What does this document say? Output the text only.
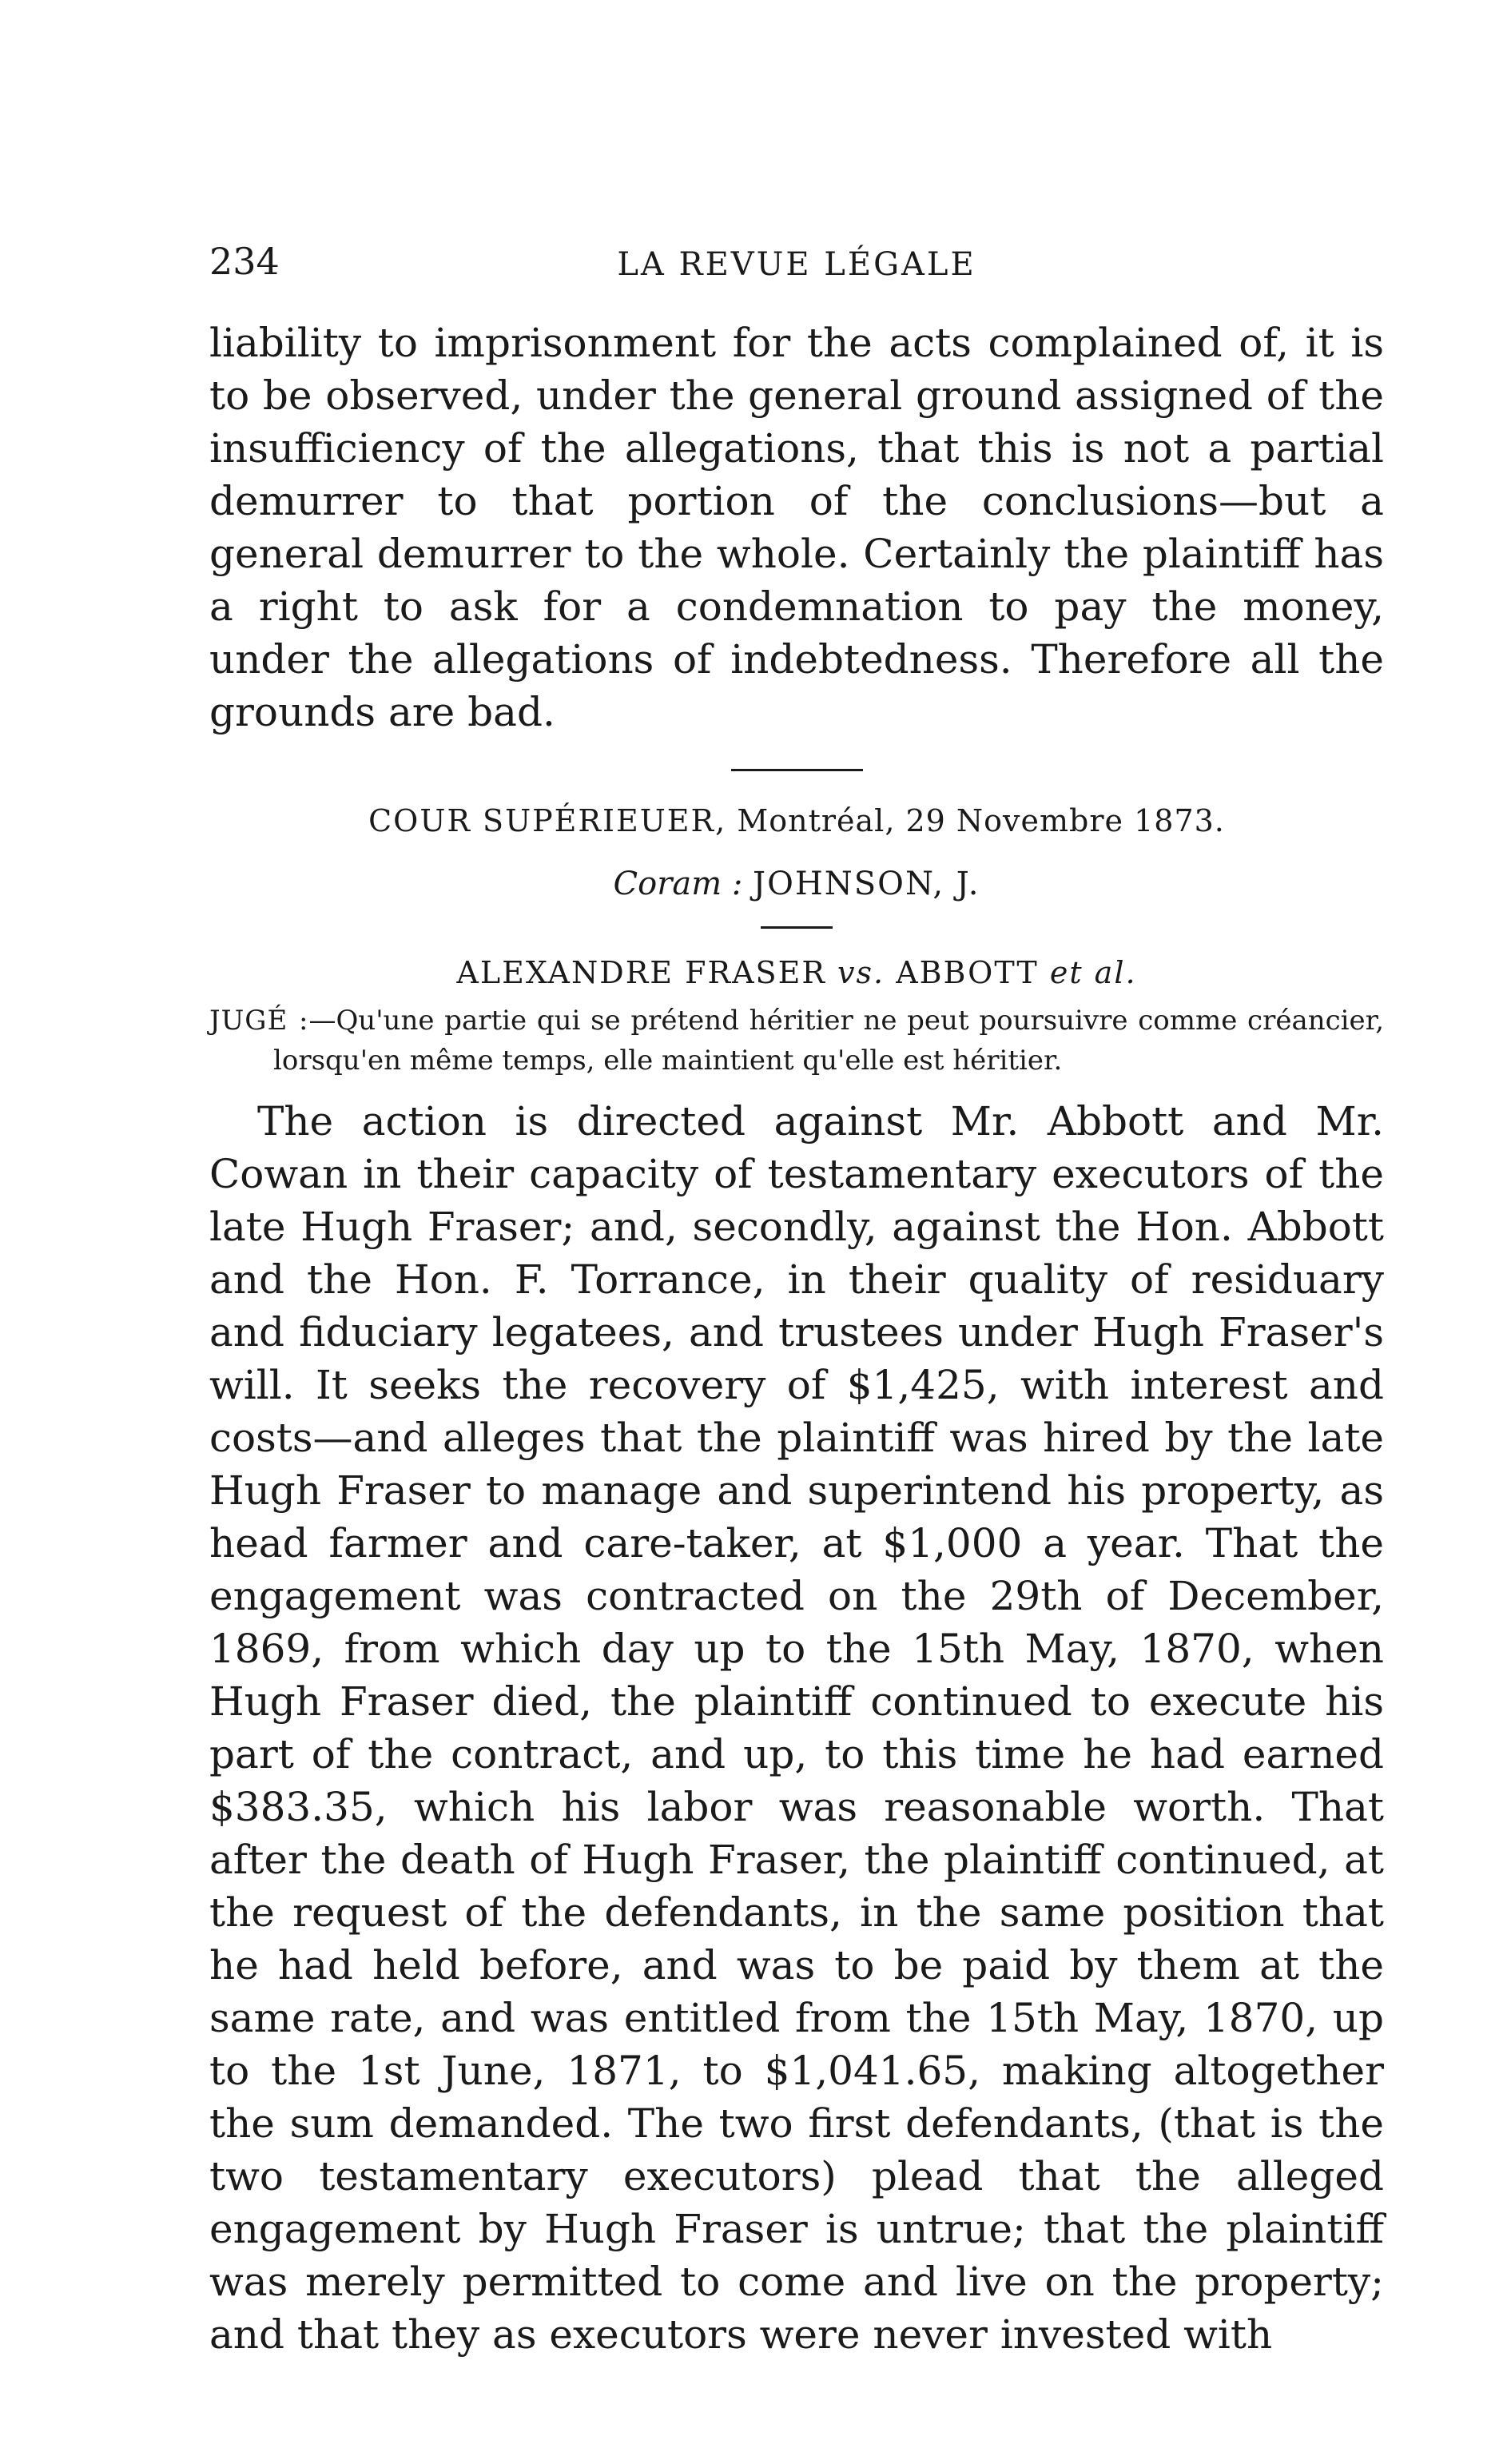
234	LA REVUE LÉGALE

liability to imprisonment for the acts complained of, it is to be observed, under the general ground assigned of the insufficiency of the allegations, that this is not a partial demurrer to that portion of the conclusions—but a general demurrer to the whole. Certainly the plaintiff has a right to ask for a condemnation to pay the money, under the allegations of indebtedness. Therefore all the grounds are bad.

COUR SUPÉRIEUER, Montréal, 29 Novembre 1873.
Coram : JOHNSON, J.
ALEXANDRE FRASER vs. ABBOTT et al.
JUGÉ :—Qu'une partie qui se prétend héritier ne peut poursuivre comme créancier, lorsqu'en même temps, elle maintient qu'elle est héritier.

The action is directed against Mr. Abbott and Mr. Cowan in their capacity of testamentary executors of the late Hugh Fraser; and, secondly, against the Hon. Abbott and the Hon. F. Torrance, in their quality of residuary and fiduciary legatees, and trustees under Hugh Fraser's will. It seeks the recovery of $1,425, with interest and costs—and alleges that the plaintiff was hired by the late Hugh Fraser to manage and superintend his property, as head farmer and care-taker, at $1,000 a year. That the engagement was contracted on the 29th of December, 1869, from which day up to the 15th May, 1870, when Hugh Fraser died, the plaintiff continued to execute his part of the contract, and up, to this time he had earned $383.35, which his labor was reasonable worth. That after the death of Hugh Fraser, the plaintiff continued, at the request of the defendants, in the same position that he had held before, and was to be paid by them at the same rate, and was entitled from the 15th May, 1870, up to the 1st June, 1871, to $1,041.65, making altogether the sum demanded. The two first defendants, (that is the two testamentary executors) plead that the alleged engagement by Hugh Fraser is untrue; that the plaintiff was merely permitted to come and live on the property; and that they as executors were never invested with
